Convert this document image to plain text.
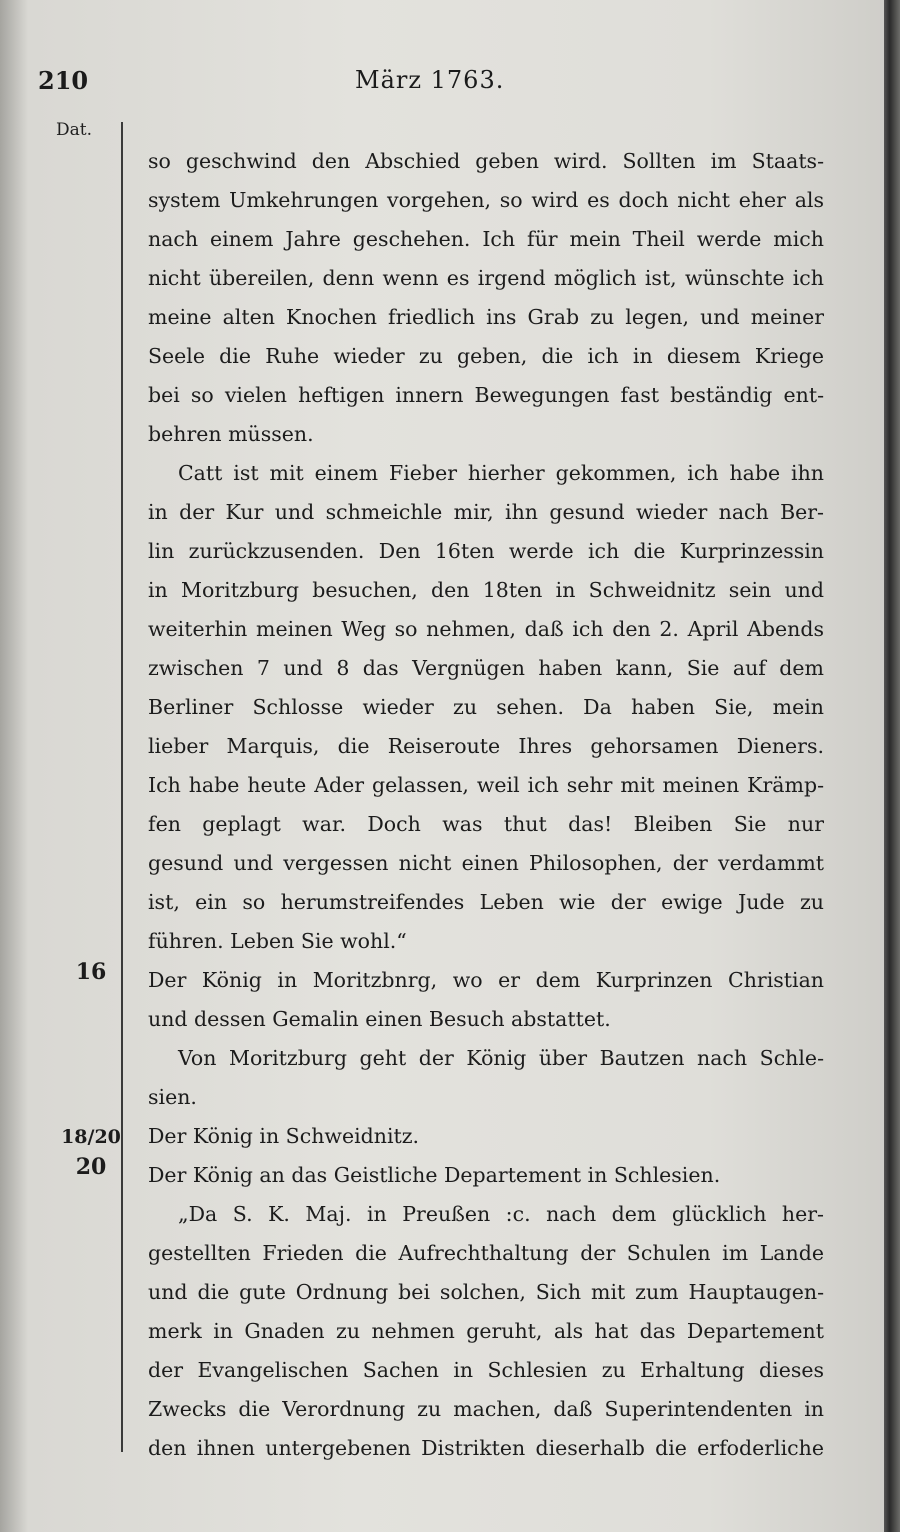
210	März 1763.
Dat.
16
18/20
20
so geschwind den Abschied geben wird. Sollten im Staats-
system Umkehrungen vorgehen, so wird es doch nicht eher als
nach einem Jahre geschehen. Ich für mein Theil werde mich
nicht übereilen, denn wenn es irgend möglich ist, wünschte ich
meine alten Knochen friedlich ins Grab zu legen, und meiner
Seele die Ruhe wieder zu geben, die ich in diesem Kriege
bei so vielen heftigen innern Bewegungen fast beständig ent-
behren müssen.
Catt ist mit einem Fieber hierher gekommen, ich habe ihn
in der Kur und schmeichle mir, ihn gesund wieder nach Ber-
lin zurückzusenden. Den 16ten werde ich die Kurprinzessin
in Moritzburg besuchen, den 18ten in Schweidnitz sein und
weiterhin meinen Weg so nehmen, daß ich den 2. April Abends
zwischen 7 und 8 das Vergnügen haben kann, Sie auf dem
Berliner Schlosse wieder zu sehen. Da haben Sie, mein
lieber Marquis, die Reiseroute Ihres gehorsamen Dieners.
Ich habe heute Ader gelassen, weil ich sehr mit meinen Krämp-
fen geplagt war. Doch was thut das! Bleiben Sie nur
gesund und vergessen nicht einen Philosophen, der verdammt
ist, ein so herumstreifendes Leben wie der ewige Jude zu
führen. Leben Sie wohl.“
Der König in Moritzbnrg, wo er dem Kurprinzen Christian
und dessen Gemalin einen Besuch abstattet.
Von Moritzburg geht der König über Bautzen nach Schle-
sien.
Der König in Schweidnitz.
Der König an das Geistliche Departement in Schlesien.
„Da S. K. Maj. in Preußen :c. nach dem glücklich her-
gestellten Frieden die Aufrechthaltung der Schulen im Lande
und die gute Ordnung bei solchen, Sich mit zum Hauptaugen-
merk in Gnaden zu nehmen geruht, als hat das Departement
der Evangelischen Sachen in Schlesien zu Erhaltung dieses
Zwecks die Verordnung zu machen, daß Superintendenten in
den ihnen untergebenen Distrikten dieserhalb die erfoderliche
